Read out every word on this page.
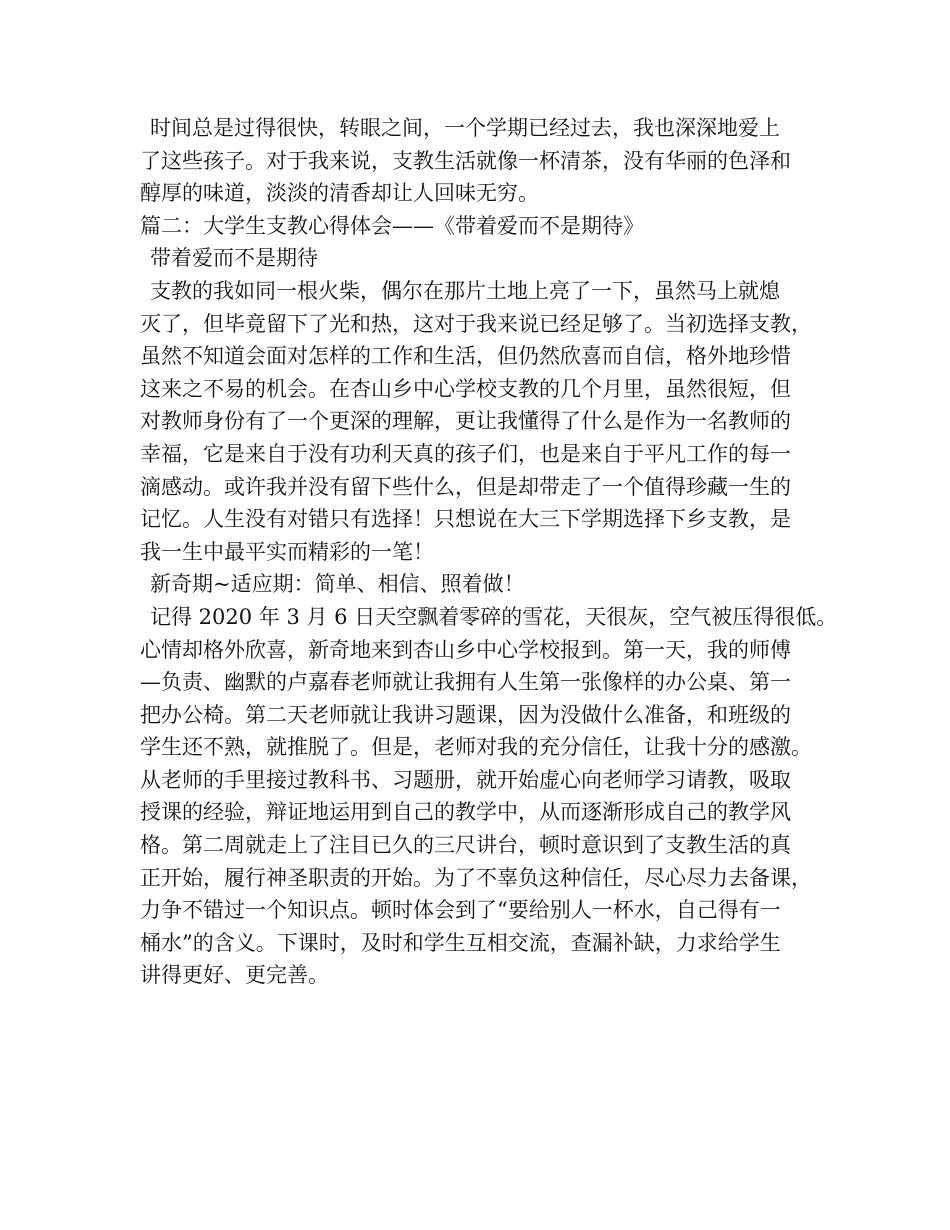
时间总是过得很快，转眼之间，一个学期已经过去，我也深深地爱上
了这些孩子。对于我来说，支教生活就像一杯清茶，没有华丽的色泽和
醇厚的味道，淡淡的清香却让人回味无穷。
篇二：大学生支教心得体会——《带着爱而不是期待》
带着爱而不是期待
支教的我如同一根火柴，偶尔在那片土地上亮了一下，虽然马上就熄
灭了，但毕竟留下了光和热，这对于我来说已经足够了。当初选择支教，
虽然不知道会面对怎样的工作和生活，但仍然欣喜而自信，格外地珍惜
这来之不易的机会。在杏山乡中心学校支教的几个月里，虽然很短，但
对教师身份有了一个更深的理解，更让我懂得了什么是作为一名教师的
幸福，它是来自于没有功利天真的孩子们，也是来自于平凡工作的每一
滴感动。或许我并没有留下些什么，但是却带走了一个值得珍藏一生的
记忆。人生没有对错只有选择！只想说在大三下学期选择下乡支教，是
我一生中最平实而精彩的一笔！
新奇期~适应期：简单、相信、照着做！
记得 2020 年 3 月 6 日天空飘着零碎的雪花，天很灰，空气被压得很低。
心情却格外欣喜，新奇地来到杏山乡中心学校报到。第一天，我的师傅
—负责、幽默的卢嘉春老师就让我拥有人生第一张像样的办公桌、第一
把办公椅。第二天老师就让我讲习题课，因为没做什么准备，和班级的
学生还不熟，就推脱了。但是，老师对我的充分信任，让我十分的感激。
从老师的手里接过教科书、习题册，就开始虚心向老师学习请教，吸取
授课的经验，辩证地运用到自己的教学中，从而逐渐形成自己的教学风
格。第二周就走上了注目已久的三尺讲台，顿时意识到了支教生活的真
正开始，履行神圣职责的开始。为了不辜负这种信任，尽心尽力去备课，
力争不错过一个知识点。顿时体会到了“要给别人一杯水，自己得有一
桶水”的含义。下课时，及时和学生互相交流，查漏补缺，力求给学生
讲得更好、更完善。
